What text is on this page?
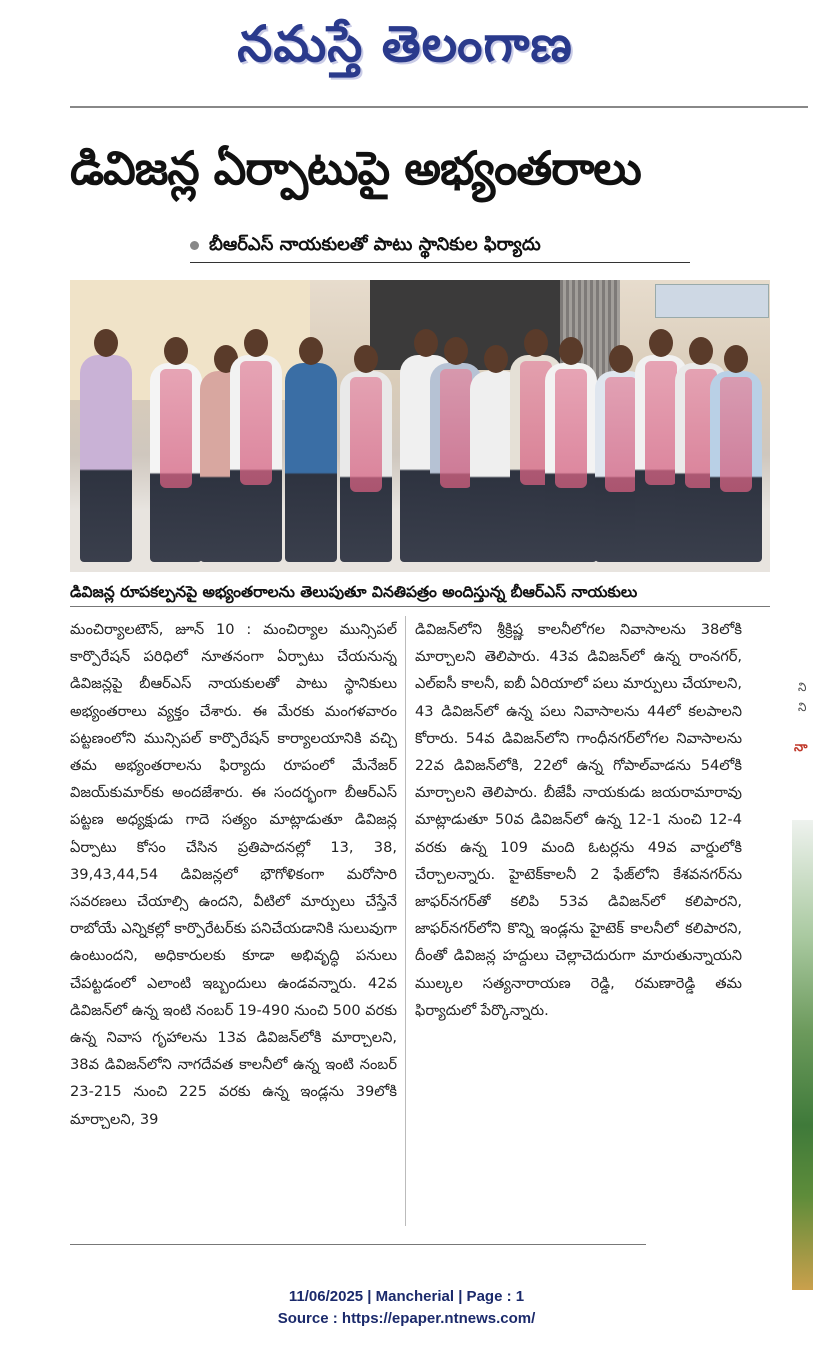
నమస్తే తెలంగాణ
డివిజన్ల ఏర్పాటుపై అభ్యంతరాలు
బీఆర్ఎస్ నాయకులతో పాటు స్థానికుల ఫిర్యాదు
డివిజన్ల రూపకల్పనపై అభ్యంతరాలను తెలుపుతూ వినతిపత్రం అందిస్తున్న బీఆర్ఎస్ నాయకులు

మంచిర్యాలటౌన్, జూన్ 10 : మంచిర్యాల మున్సిపల్ కార్పొరేషన్ పరిధిలో నూతనంగా ఏర్పాటు చేయనున్న డివిజన్లపై బీఆర్ఎస్ నాయకులతో పాటు స్థానికులు అభ్యంతరాలు వ్యక్తం చేశారు. ఈ మేరకు మంగళవారం పట్టణంలోని మున్సిపల్ కార్పొరేషన్ కార్యాలయానికి వచ్చి తమ అభ్యంతరాలను ఫిర్యాదు రూపంలో మేనేజర్ విజయ్‌కుమార్‌కు అందజేశారు. ఈ సందర్భంగా బీఆర్ఎస్ పట్టణ అధ్యక్షుడు గాదె సత్యం మాట్లాడుతూ డివిజన్ల ఏర్పాటు కోసం చేసిన ప్రతిపాదనల్లో 13, 38, 39,43,44,54 డివిజన్లలో భౌగోళికంగా మరోసారి సవరణలు చేయాల్సి ఉందని, వీటిలో మార్పులు చేస్తేనే రాబోయే ఎన్నికల్లో కార్పొరేటర్‌కు పనిచేయడానికి సులువుగా ఉంటుందని, అధికారులకు కూడా అభివృద్ధి పనులు చేపట్టడంలో ఎలాంటి ఇబ్బందులు ఉండవన్నారు. 42వ డివిజన్‌లో ఉన్న ఇంటి నంబర్ 19-490 నుంచి 500 వరకు ఉన్న నివాస గృహాలను 13వ డివిజన్‌లోకి మార్చాలని, 38వ డివిజన్‌లోని నాగదేవత కాలనీలో ఉన్న ఇంటి నంబర్ 23-215 నుంచి 225 వరకు ఉన్న ఇండ్లను 39లోకి మార్చాలని, 39

డివిజన్‌లోని శ్రీక్రిష్ణ కాలనీలోగల నివాసాలను 38లోకి మార్చాలని తెలిపారు. 43వ డివిజన్‌లో ఉన్న రాంనగర్, ఎల్ఐసీ కాలనీ, ఐబీ ఏరియాలో పలు మార్పులు చేయాలని, 43 డివిజన్‌లో ఉన్న పలు నివాసాలను 44లో కలపాలని కోరారు. 54వ డివిజన్‌లోని గాంధీనగర్‌లోగల నివాసాలను 22వ డివిజన్‌లోకి, 22లో ఉన్న గోపాల్‌వాడను 54లోకి మార్చాలని తెలిపారు. బీజేపీ నాయకుడు జయరామారావు మాట్లాడుతూ 50వ డివిజన్‌లో ఉన్న 12-1 నుంచి 12-4 వరకు ఉన్న 109 మంది ఓటర్లను 49వ వార్డులోకి చేర్చాలన్నారు. హైటెక్‌కాలనీ 2 ఫేజ్‌లోని కేశవనగర్‌ను జాఫర్‌నగర్‌తో కలిపి 53వ డివిజన్‌లో కలిపారని, జాఫర్‌నగర్‌లోని కొన్ని ఇండ్లను హైటెక్ కాలనీలో కలిపారని, దీంతో డివిజన్ల హద్దులు చెల్లాచెదురుగా మారుతున్నాయని ముల్కల సత్యనారాయణ రెడ్డి, రమణారెడ్డి తమ ఫిర్యాదులో పేర్కొన్నారు.

ని
ని
నా
11/06/2025 | Mancherial | Page : 1
Source : https://epaper.ntnews.com/
